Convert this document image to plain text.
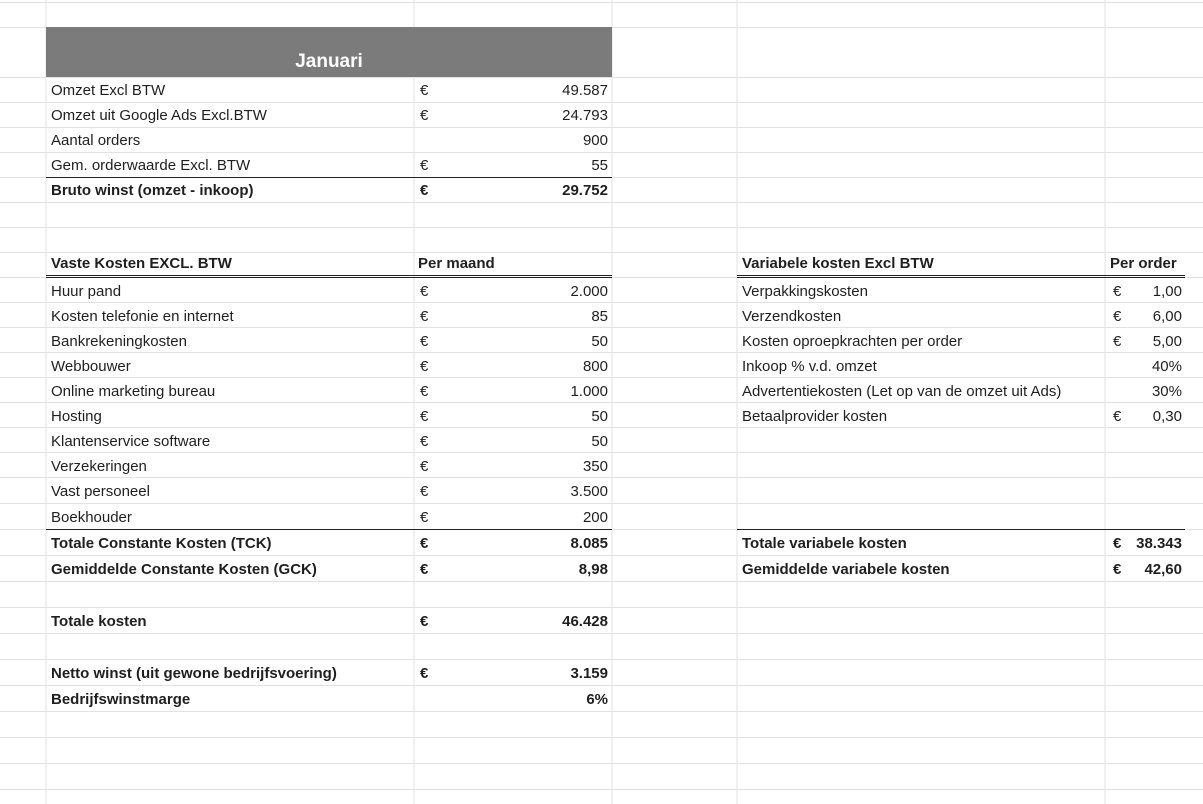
Januari
Omzet Excl BTW	€	49.587
Omzet uit Google Ads Excl.BTW	€	24.793
Aantal orders	900
Gem. orderwaarde Excl. BTW	€	55
Bruto winst (omzet - inkoop)	€	29.752
Vaste Kosten EXCL. BTW	Per maand	Variabele kosten Excl BTW	Per order
Huur pand	€	2.000
Kosten telefonie en internet	€	85
Bankrekeningkosten	€	50
Webbouwer	€	800
Online marketing bureau	€	1.000
Hosting	€	50
Klantenservice software	€	50
Verzekeringen	€	350
Vast personeel	€	3.500
Boekhouder	€	200
Verpakkingskosten	€	1,00
Verzendkosten	€	6,00
Kosten oproepkrachten per order	€	5,00
Inkoop % v.d. omzet	40%
Advertentiekosten (Let op van de omzet uit Ads)	30%
Betaalprovider kosten	€	0,30
Totale Constante Kosten (TCK)	€	8.085
Gemiddelde Constante Kosten (GCK)	€	8,98
Totale variabele kosten	€ 38.343
Gemiddelde variabele kosten	€	42,60
Totale kosten	€	46.428
Netto winst (uit gewone bedrijfsvoering)	€	3.159
Bedrijfswinstmarge	6%
